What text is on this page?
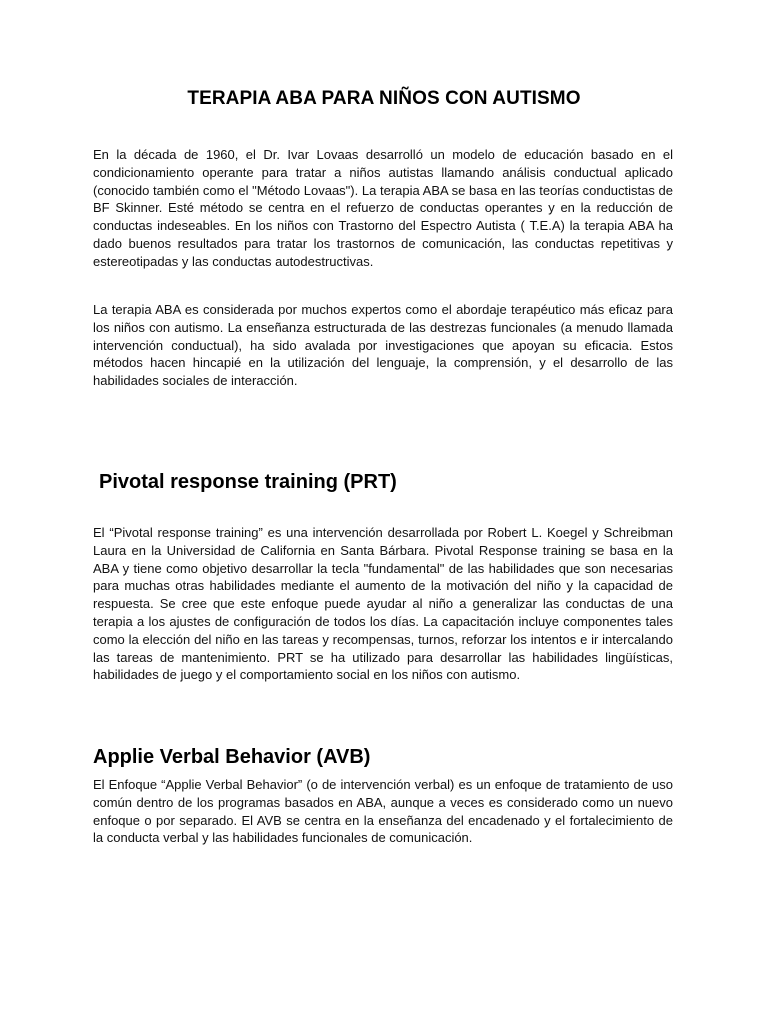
TERAPIA ABA PARA NIÑOS CON AUTISMO

En la década de 1960, el Dr. Ivar Lovaas desarrolló un modelo de educación basado en el condicionamiento operante para tratar a niños autistas llamando análisis conductual aplicado (conocido también como el "Método Lovaas"). La terapia ABA se basa en las teorías conductistas de BF Skinner. Esté método se centra en el refuerzo de conductas operantes y en la reducción de conductas indeseables. En los niños con Trastorno del Espectro Autista ( T.E.A) la terapia ABA ha dado buenos resultados para tratar los trastornos de comunicación, las conductas repetitivas y estereotipadas y las conductas autodestructivas.

La terapia ABA es considerada por muchos expertos como el abordaje terapéutico más eficaz para los niños con autismo. La enseñanza estructurada de las destrezas funcionales (a menudo llamada intervención conductual), ha sido avalada por investigaciones que apoyan su eficacia. Estos métodos hacen hincapié en la utilización del lenguaje, la comprensión, y el desarrollo de las habilidades sociales de interacción.

Pivotal response training (PRT)

El “Pivotal response training” es una intervención desarrollada por Robert L. Koegel y Schreibman Laura en la Universidad de California en Santa Bárbara. Pivotal Response training se basa en la ABA y tiene como objetivo desarrollar la tecla "fundamental" de las habilidades que son necesarias para muchas otras habilidades mediante el aumento de la motivación del niño y la capacidad de respuesta. Se cree que este enfoque puede ayudar al niño a generalizar las conductas de una terapia a los ajustes de configuración de todos los días. La capacitación incluye componentes tales como la elección del niño en las tareas y recompensas, turnos, reforzar los intentos e ir intercalando las tareas de mantenimiento. PRT se ha utilizado para desarrollar las habilidades lingüísticas, habilidades de juego y el comportamiento social en los niños con autismo.

Applie Verbal Behavior (AVB)

El Enfoque “Applie Verbal Behavior” (o de intervención verbal) es un enfoque de tratamiento de uso común dentro de los programas basados en ABA, aunque a veces es considerado como un nuevo enfoque o por separado. El AVB se centra en la enseñanza del encadenado y el fortalecimiento de la conducta verbal y las habilidades funcionales de comunicación.
